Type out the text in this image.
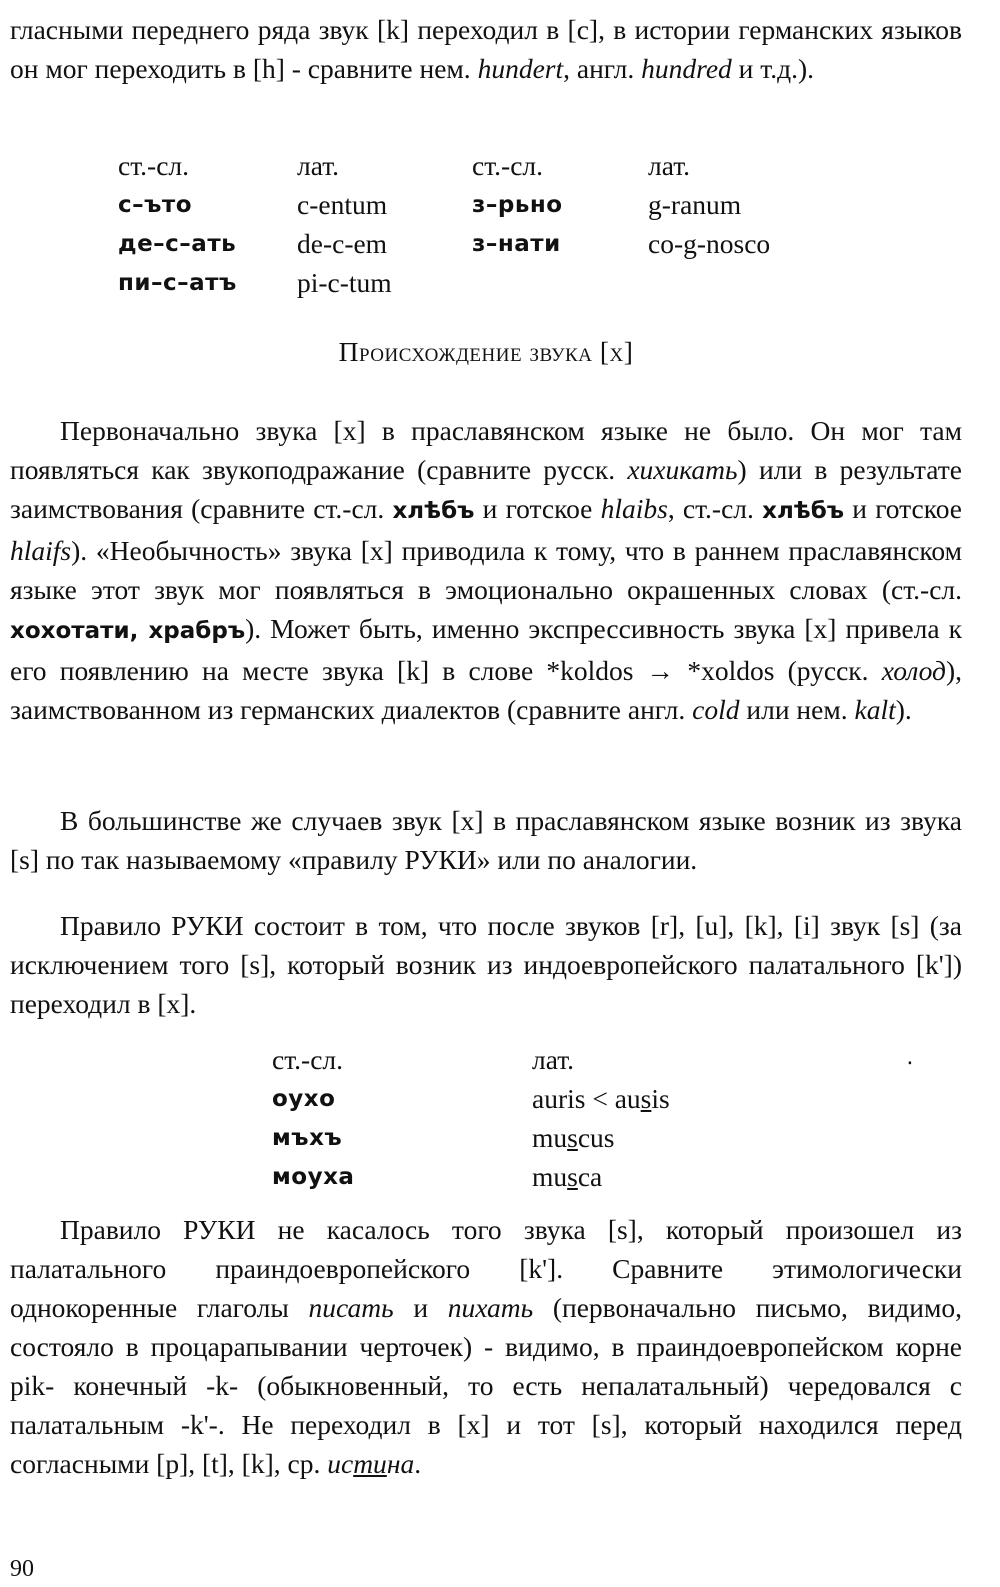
гласными переднего ряда звук [k] переходил в [c], в истории германских языков он мог переходить в [h] - сравните нем. hundert, англ. hundred и т.д.).

ст.-сл.	лат.	ст.-сл.	лат.
с–ъто	c-entum	з–рьно	g-ranum
де–с–ать de-c-em	з–нати	co-g-nosco
пи–с–атъ pi-c-tum
Происхождение звука [x]

Первоначально звука [x] в праславянском языке не было. Он мог там появляться как звукоподражание (сравните русск. хихикать) или в результате заимствования (сравните ст.-сл. хлѣбъ и готское hlaibs, ст.-сл. хлѣбъ и готское hlaifs). «Необычность» звука [x] приводила к тому, что в раннем праславянском языке этот звук мог появляться в эмоционально окрашенных словах (ст.-сл. хохотати, храбръ). Может быть, именно экспрессивность звука [x] привела к его появлению на месте звука [k] в слове *koldos → *xoldos (русск. холод), заимствованном из германских диалектов (сравните англ. cold или нем. kalt).

В большинстве же случаев звук [x] в праславянском языке возник из звука [s] по так называемому «правилу РУКИ» или по аналогии.

Правило РУКИ состоит в том, что после звуков [r], [u], [k], [i] звук [s] (за исключением того [s], который возник из индоевропейского палатального [k']) переходил в [x].

ст.-сл.	лат.
оухо	auris < ausis
мъхъ	muscus
моуха	musca
٠

Правило РУКИ не касалось того звука [s], который произошел из палатального праиндоевропейского [k']. Сравните этимологически однокоренные глаголы писать и пихать (первоначально письмо, видимо, состояло в процарапывании черточек) - видимо, в праиндоевропейском корне pik- конечный -k- (обыкновенный, то есть непалатальный) чередовался с палатальным -k'-. Не переходил в [x] и тот [s], который находился перед согласными [p], [t], [k], ср. истина.

90
